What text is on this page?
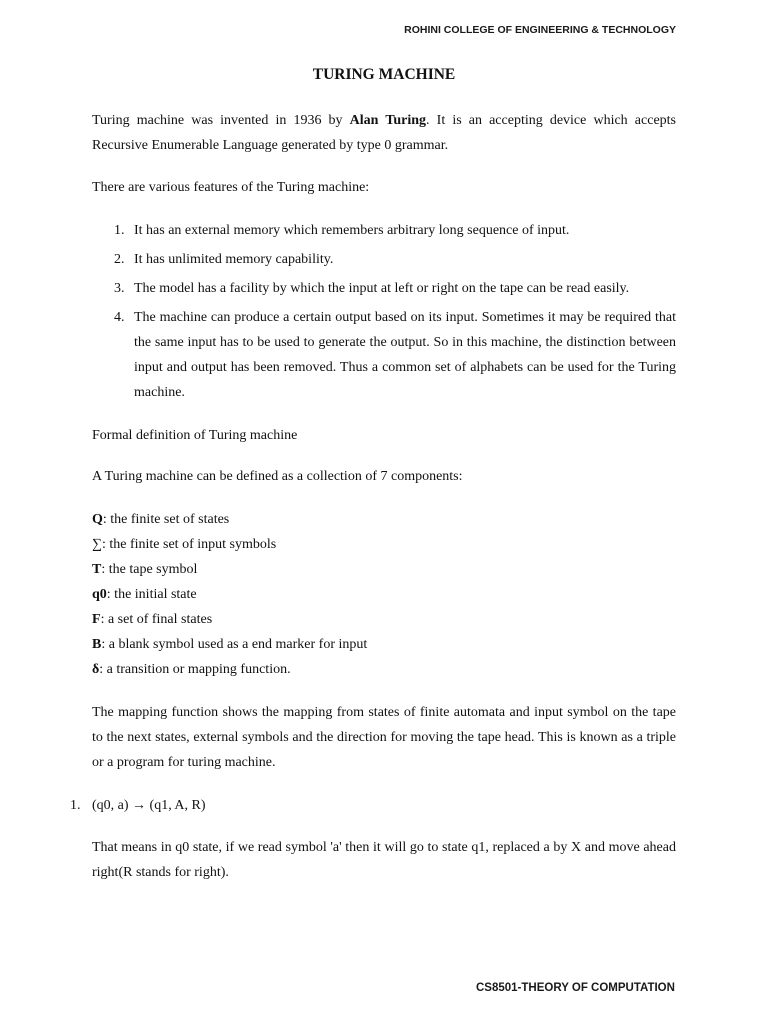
ROHINI COLLEGE OF ENGINEERING & TECHNOLOGY
TURING MACHINE
Turing machine was invented in 1936 by Alan Turing. It is an accepting device which accepts Recursive Enumerable Language generated by type 0 grammar.
There are various features of the Turing machine:
1. It has an external memory which remembers arbitrary long sequence of input.
2. It has unlimited memory capability.
3. The model has a facility by which the input at left or right on the tape can be read easily.
4. The machine can produce a certain output based on its input. Sometimes it may be required that the same input has to be used to generate the output. So in this machine, the distinction between input and output has been removed. Thus a common set of alphabets can be used for the Turing machine.
Formal definition of Turing machine
A Turing machine can be defined as a collection of 7 components:
Q: the finite set of states
∑: the finite set of input symbols
T: the tape symbol
q0: the initial state
F: a set of final states
B: a blank symbol used as a end marker for input
δ: a transition or mapping function.
The mapping function shows the mapping from states of finite automata and input symbol on the tape to the next states, external symbols and the direction for moving the tape head. This is known as a triple or a program for turing machine.
1. (q0, a) → (q1, A, R)
That means in q0 state, if we read symbol 'a' then it will go to state q1, replaced a by X and move ahead right(R stands for right).
CS8501-THEORY OF COMPUTATION
